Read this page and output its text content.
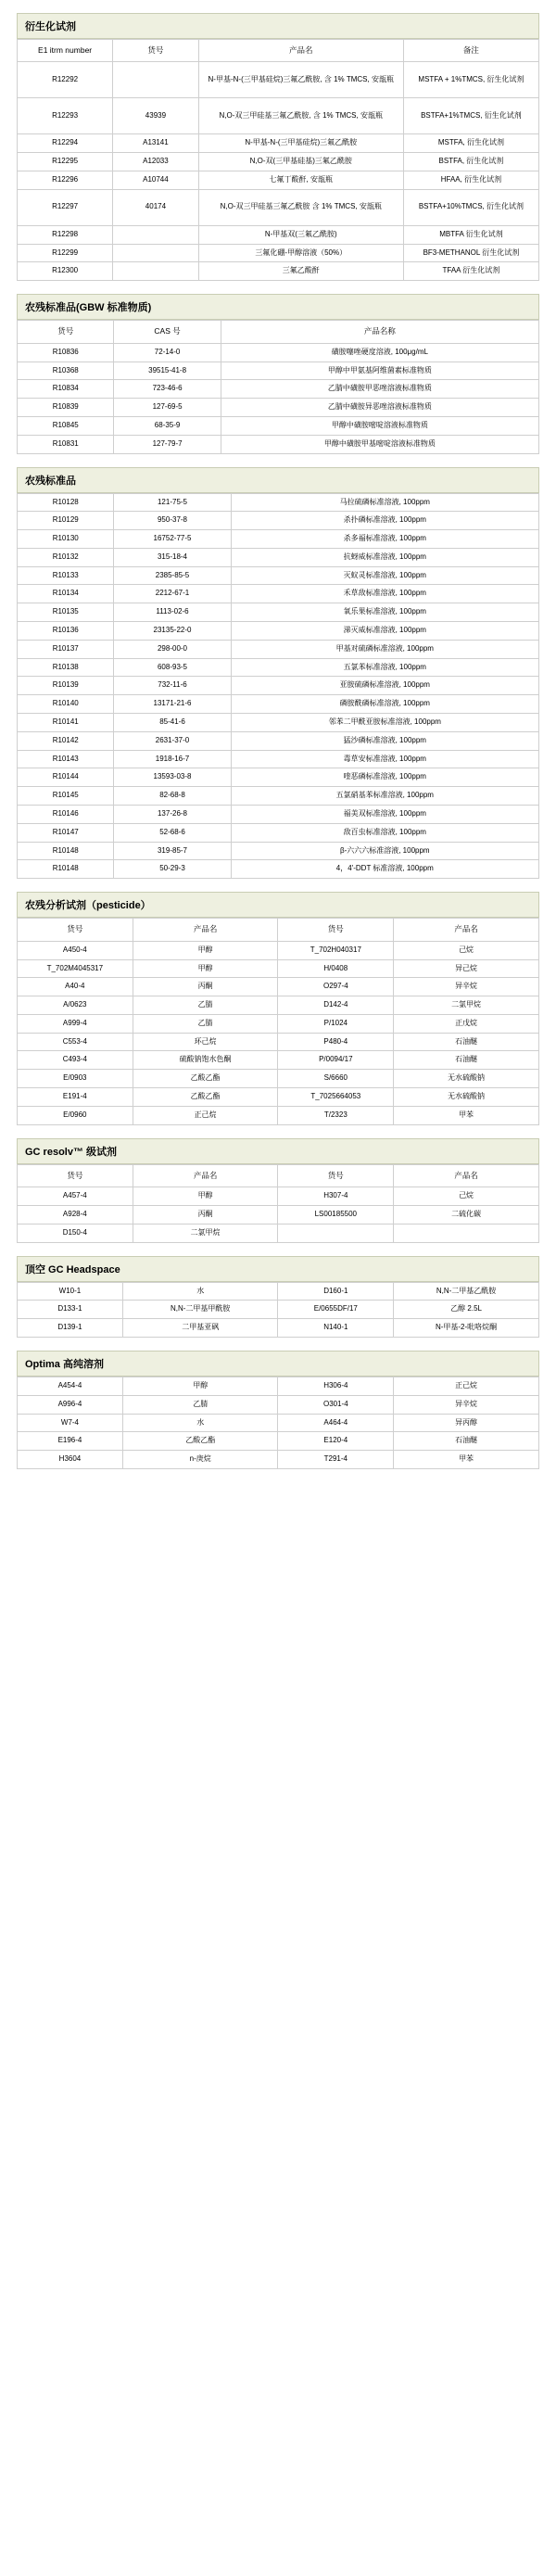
衍生化试剂
E1 itrm number	货号	产品名	备注
R12292		N-甲基-N-(三甲基硅烷)三氟乙酰胺, 含 1% TMCS, 安瓿瓶	MSTFA + 1%TMCS, 衍生化试剂
R12293	43939	N,O-双三甲硅基三氟乙酰胺, 含 1% TMCS, 安瓿瓶	BSTFA+1%TMCS, 衍生化试剂
R12294	A13141	N-甲基-N-(三甲基硅烷)三氟乙酰胺	MSTFA, 衍生化试剂
R12295	A12033	N,O-双(三甲基硅基)三氟乙酰胺	BSTFA, 衍生化试剂
R12296	A10744	七氟丁酸酐, 安瓿瓶	HFAA, 衍生化试剂
R12297	40174	N,O-双三甲硅基三氟乙酰胺 含 1% TMCS, 安瓿瓶	BSTFA+10%TMCS, 衍生化试剂
R12298		N-甲基双(三氟乙酰胺)	MBTFA 衍生化试剂
R12299		三氟化硼-甲醇溶液（50%）	BF3-METHANOL 衍生化试剂
R12300		三氟乙酸酐	TFAA 衍生化试剂
农残标准品(GBW 标准物质)
货号	CAS 号	产品名称
R10836	72-14-0	磺胺噻唑硬度溶液, 100μg/mL
R10368	39515-41-8	甲醇中甲氨基阿维菌素标准物质
R10834	723-46-6	乙腈中磺胺甲恶唑溶液标准物质
R10839	127-69-5	乙腈中磺胺异恶唑溶液标准物质
R10845	68-35-9	甲醇中磺胺嘧啶溶液标准物质
R10831	127-79-7	甲醇中磺胺甲基嘧啶溶液标准物质
农残标准品
R10128	121-75-5	马拉硫磷标准溶液, 100ppm
R10129	950-37-8	杀扑磷标准溶液, 100ppm
R10130	16752-77-5	杀多福标准溶液, 100ppm
R10132	315-18-4	抗蚜威标准溶液, 100ppm
R10133	2385-85-5	灭蚁灵标准溶液, 100ppm
R10134	2212-67-1	禾草敌标准溶液, 100ppm
R10135	1113-02-6	氧乐果标准溶液, 100ppm
R10136	23135-22-0	涕灭威标准溶液, 100ppm
R10137	298-00-0	甲基对硫磷标准溶液, 100ppm
R10138	608-93-5	五氯苯标准溶液, 100ppm
R10139	732-11-6	亚胺硫磷标准溶液, 100ppm
R10140	13171-21-6	磷胺酰磷标准溶液, 100ppm
R10141	85-41-6	邻苯二甲酰亚胺标准溶液, 100ppm
R10142	2631-37-0	猛沙磷标准溶液, 100ppm
R10143	1918-16-7	毒草安标准溶液, 100ppm
R10144	13593-03-8	喹恶磷标准溶液, 100ppm
R10145	82-68-8	五氯硝基苯标准溶液, 100ppm
R10146	137-26-8	福美双标准溶液, 100ppm
R10147	52-68-6	敌百虫标准溶液, 100ppm
R10148	319-85-7	β-六六六标准溶液, 100ppm
R10148	50-29-3	4，4'-DDT 标准溶液, 100ppm
农残分析试剂（pesticide）
货号	产品名	货号	产品名
A450-4	甲醇	T_702H040317	己烷
T_702M4045317	甲醇	H/0408	异己烷
A40-4	丙酮	O297-4	异辛烷
A/0623	乙腈	D142-4	二氯甲烷
A999-4	乙腈	P/1024	正戊烷
C553-4	环己烷	P480-4	石油醚
C493-4	硫酸钠饱水色酮	P/0094/17	石油醚
E/0903	乙酸乙酯	S/6660	无水硫酸钠
E191-4	乙酸乙酯	T_7025664053	无水硫酸钠
E/0960	正己烷	T/2323	甲苯
GC resolv™ 级试剂
货号	产品名	货号	产品名
A457-4	甲醇	H307-4	己烷
A928-4	丙酮	LS00185500	二硫化碳
D150-4	二氯甲烷		
顶空 GC Headspace
W10-1	水	D160-1	N,N-二甲基乙酰胺
D133-1	N,N-二甲基甲酰胺	E/0655DF/17	乙醇 2.5L
D139-1	二甲基亚砜	N140-1	N-甲基-2-吡咯烷酮
Optima 高纯溶剂
A454-4	甲醇	H306-4	正己烷
A996-4	乙腈	O301-4	异辛烷
W7-4	水	A464-4	异丙醇
E196-4	乙酸乙酯	E120-4	石油醚
H3604	n-庚烷	T291-4	甲苯
